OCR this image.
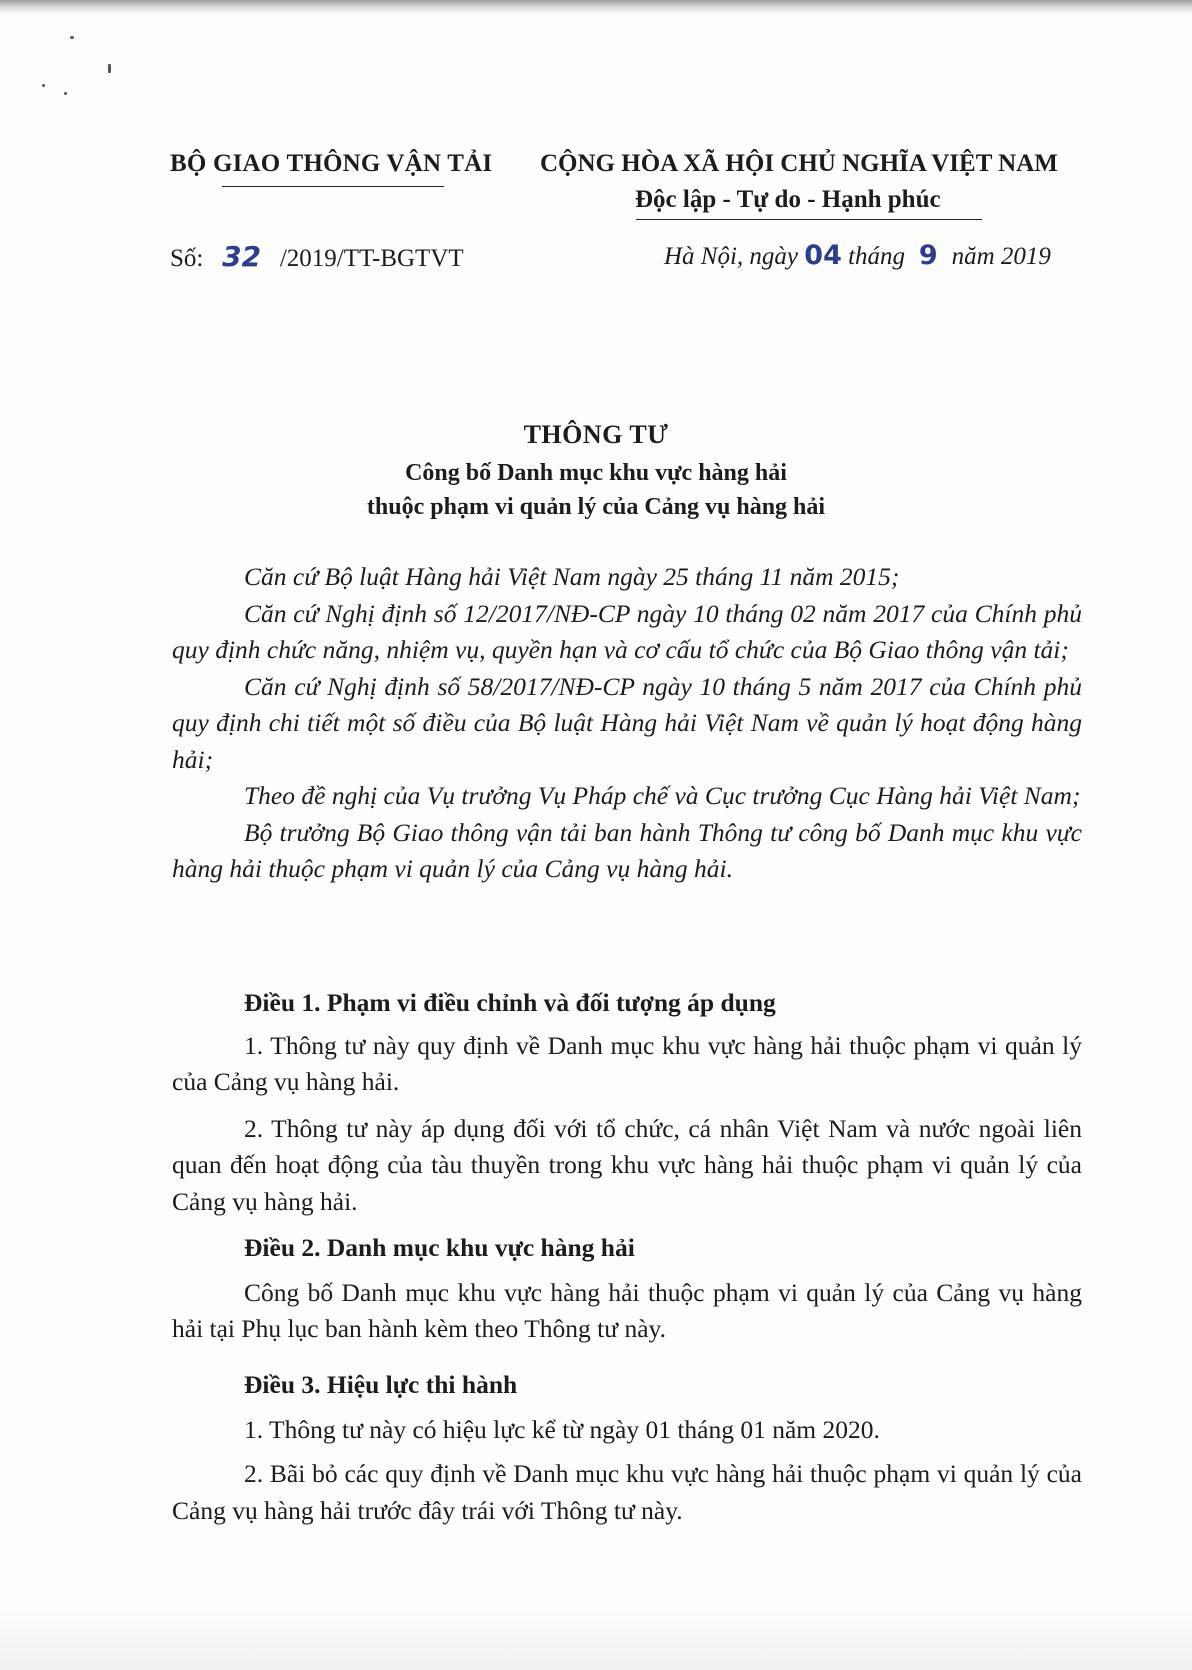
BỘ GIAO THÔNG VẬN TẢI CỘNG HÒA XÃ HỘI CHỦ NGHĨA VIỆT NAM
Độc lập - Tự do - Hạnh phúc
Số: 32 /2019/TT-BGTVT	Hà Nội, ngày 04 tháng 9 năm 2019
THÔNG TƯ
Công bố Danh mục khu vực hàng hải
thuộc phạm vi quản lý của Cảng vụ hàng hải

Căn cứ Bộ luật Hàng hải Việt Nam ngày 25 tháng 11 năm 2015;

Căn cứ Nghị định số 12/2017/NĐ-CP ngày 10 tháng 02 năm 2017 của Chính phủ quy định chức năng, nhiệm vụ, quyền hạn và cơ cấu tổ chức của Bộ Giao thông vận tải;

Căn cứ Nghị định số 58/2017/NĐ-CP ngày 10 tháng 5 năm 2017 của Chính phủ quy định chi tiết một số điều của Bộ luật Hàng hải Việt Nam về quản lý hoạt động hàng hải;

Theo đề nghị của Vụ trưởng Vụ Pháp chế và Cục trưởng Cục Hàng hải Việt Nam;

Bộ trưởng Bộ Giao thông vận tải ban hành Thông tư công bố Danh mục khu vực hàng hải thuộc phạm vi quản lý của Cảng vụ hàng hải.

Điều 1. Phạm vi điều chỉnh và đối tượng áp dụng

1. Thông tư này quy định về Danh mục khu vực hàng hải thuộc phạm vi quản lý của Cảng vụ hàng hải.

2. Thông tư này áp dụng đối với tổ chức, cá nhân Việt Nam và nước ngoài liên quan đến hoạt động của tàu thuyền trong khu vực hàng hải thuộc phạm vi quản lý của Cảng vụ hàng hải.

Điều 2. Danh mục khu vực hàng hải

Công bố Danh mục khu vực hàng hải thuộc phạm vi quản lý của Cảng vụ hàng hải tại Phụ lục ban hành kèm theo Thông tư này.

Điều 3. Hiệu lực thi hành

1. Thông tư này có hiệu lực kể từ ngày 01 tháng 01 năm 2020.

2. Bãi bỏ các quy định về Danh mục khu vực hàng hải thuộc phạm vi quản lý của Cảng vụ hàng hải trước đây trái với Thông tư này.
